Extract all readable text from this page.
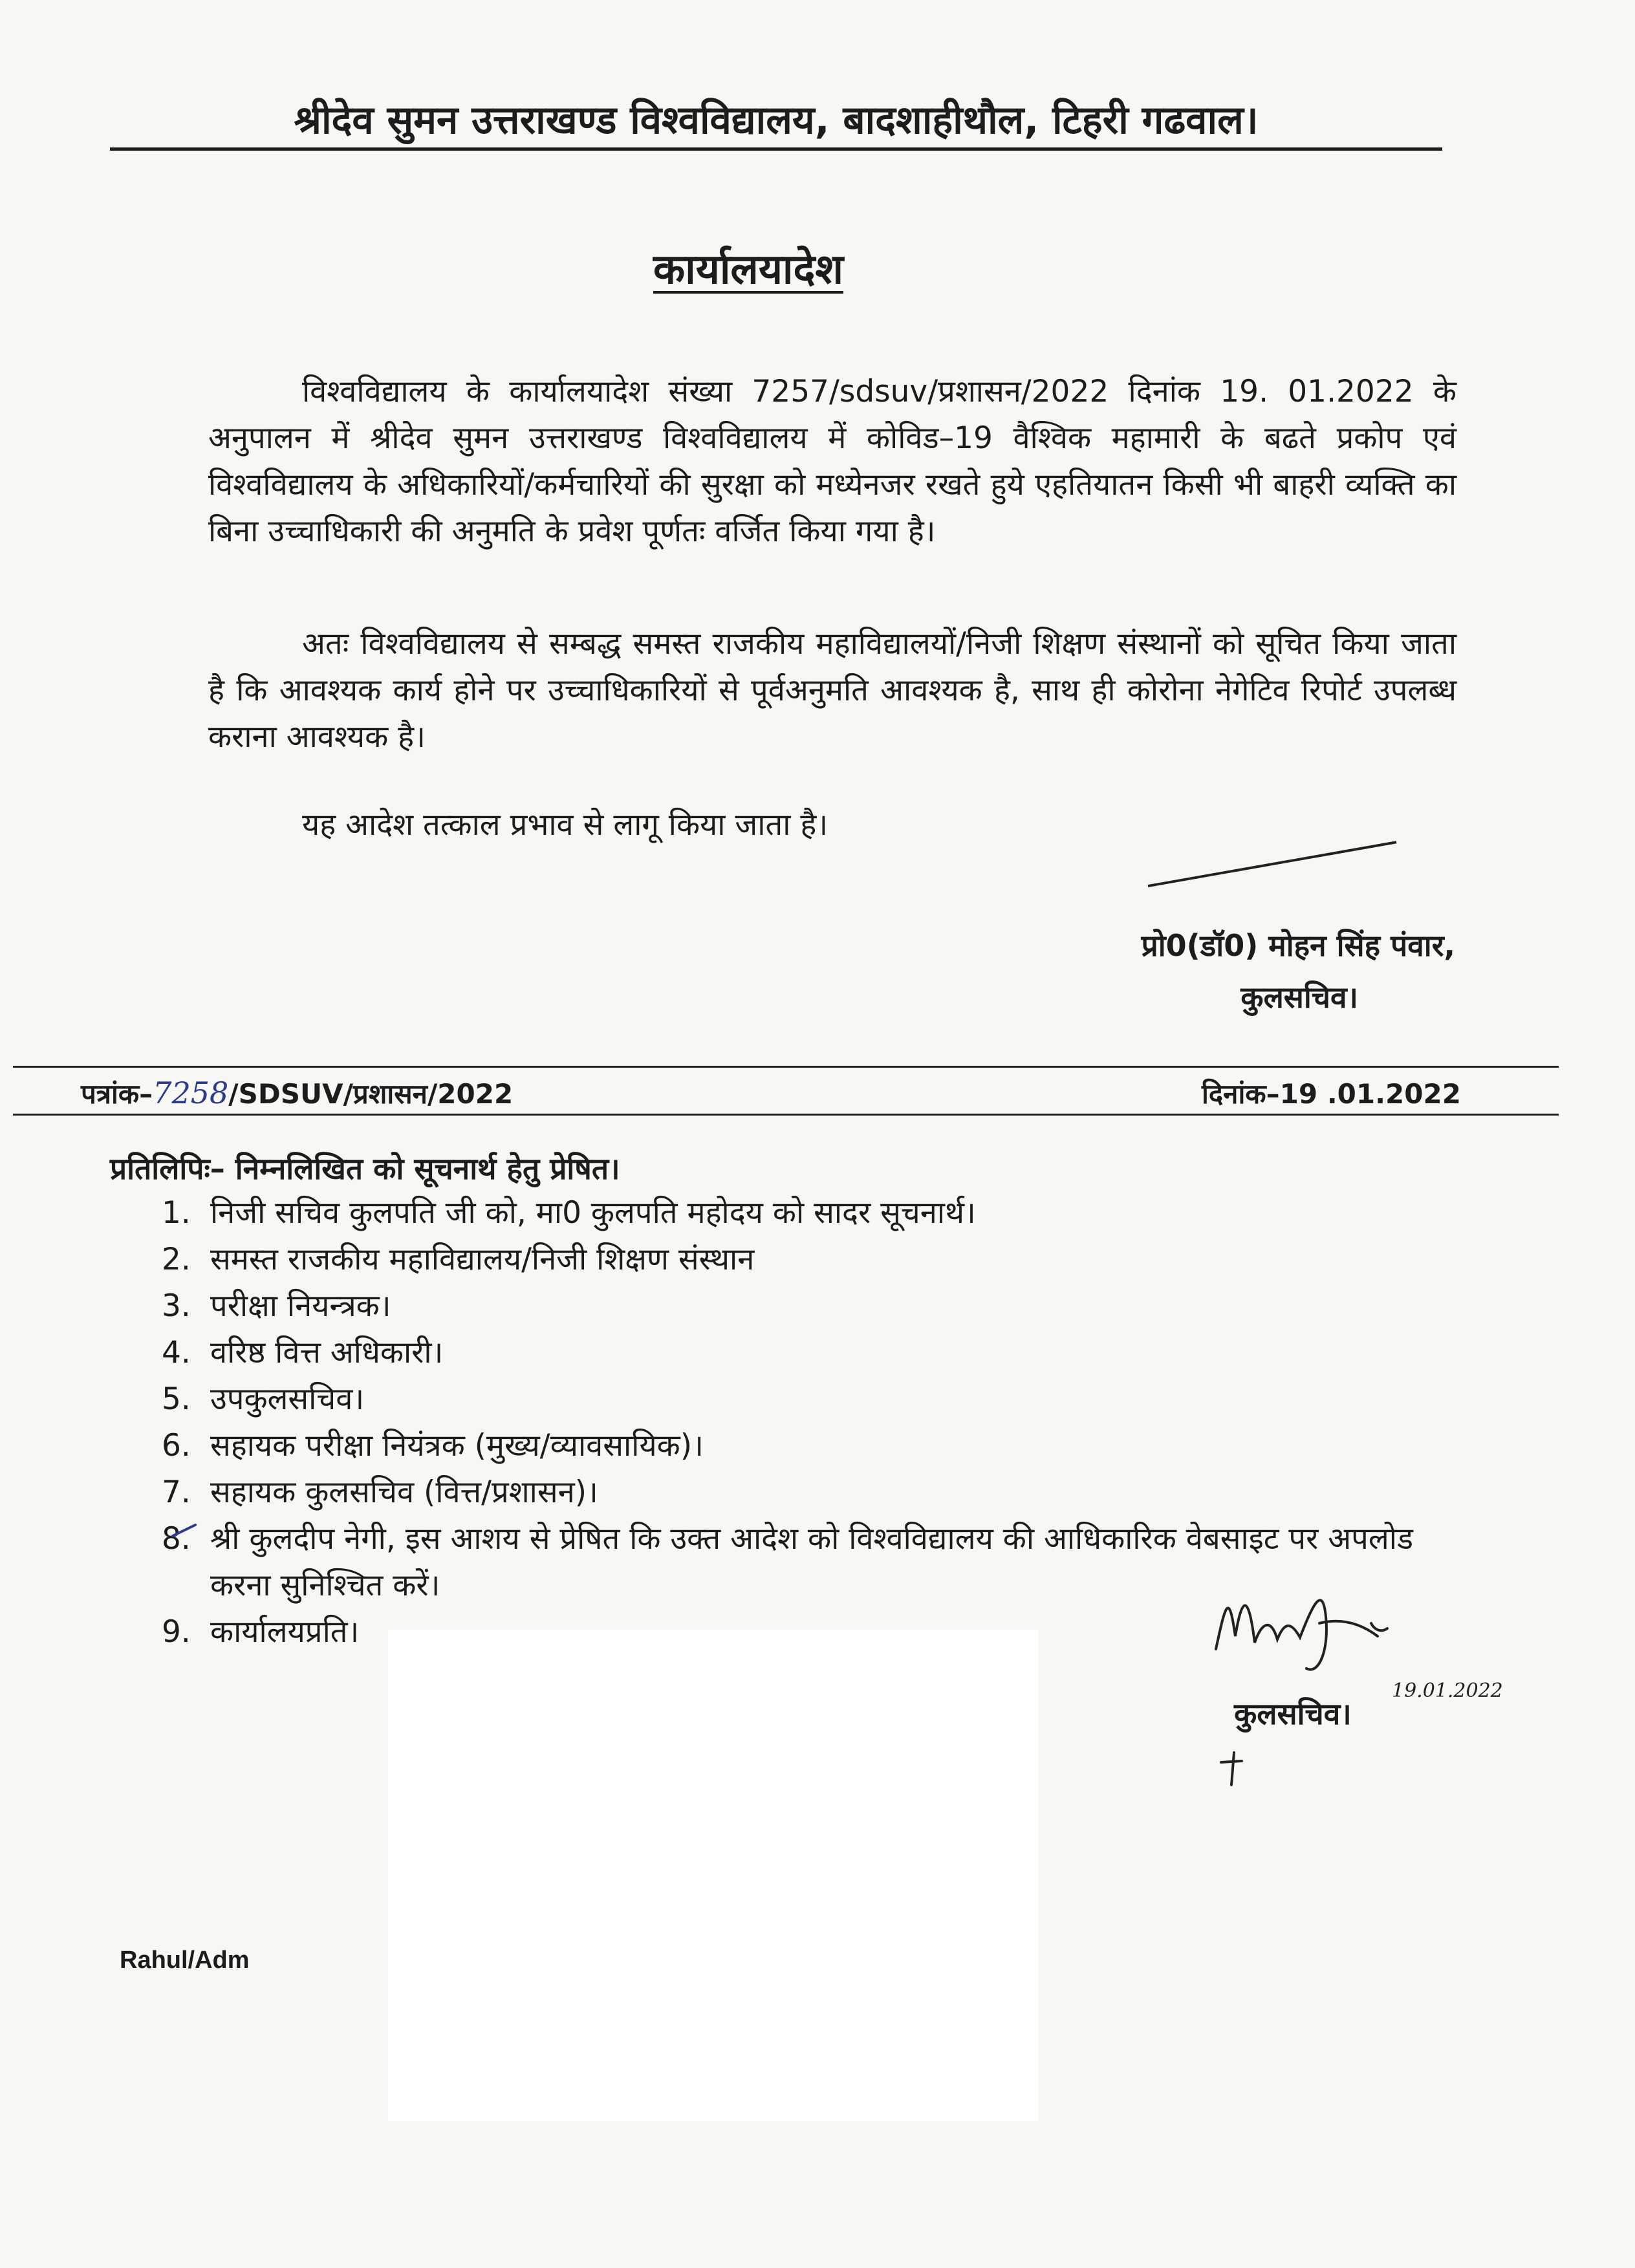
श्रीदेव सुमन उत्तराखण्ड विश्वविद्यालय, बादशाहीथौल, टिहरी गढवाल।
कार्यालयादेश
विश्वविद्यालय के कार्यालयादेश संख्या 7257/sdsuv/प्रशासन/2022 दिनांक 19. 01.2022 के अनुपालन में श्रीदेव सुमन उत्तराखण्ड विश्वविद्यालय में कोविड–19 वैश्विक महामारी के बढते प्रकोप एवं विश्वविद्यालय के अधिकारियों/कर्मचारियों की सुरक्षा को मध्येनजर रखते हुये एहतियातन किसी भी बाहरी व्यक्ति का बिना उच्चाधिकारी की अनुमति के प्रवेश पूर्णतः वर्जित किया गया है।
अतः विश्वविद्यालय से सम्बद्ध समस्त राजकीय महाविद्यालयों/निजी शिक्षण संस्थानों को सूचित किया जाता है कि आवश्यक कार्य होने पर उच्चाधिकारियों से पूर्वअनुमति आवश्यक है, साथ ही कोरोना नेगेटिव रिपोर्ट उपलब्ध कराना आवश्यक है।
यह आदेश तत्काल प्रभाव से लागू किया जाता है।
प्रो0(डॉ0) मोहन सिंह पंवार,
कुलसचिव।
पत्रांक–7258/SDSUV/प्रशासन/2022	दिनांक–19 .01.2022
प्रतिलिपिः– निम्नलिखित को सूचनार्थ हेतु प्रेषित।
1. निजी सचिव कुलपति जी को, मा0 कुलपति महोदय को सादर सूचनार्थ।
2. समस्त राजकीय महाविद्यालय/निजी शिक्षण संस्थान
3. परीक्षा नियन्त्रक।
4. वरिष्ठ वित्त अधिकारी।
5. उपकुलसचिव।
6. सहायक परीक्षा नियंत्रक (मुख्य/व्यावसायिक)।
7. सहायक कुलसचिव (वित्त/प्रशासन)।
8. श्री कुलदीप नेगी, इस आशय से प्रेषित कि उक्त आदेश को विश्वविद्यालय की आधिकारिक वेबसाइट पर अपलोड करना सुनिश्चित करें।
9. कार्यालयप्रति।
कुलसचिव।
19.01.2022
Rahul/Adm
